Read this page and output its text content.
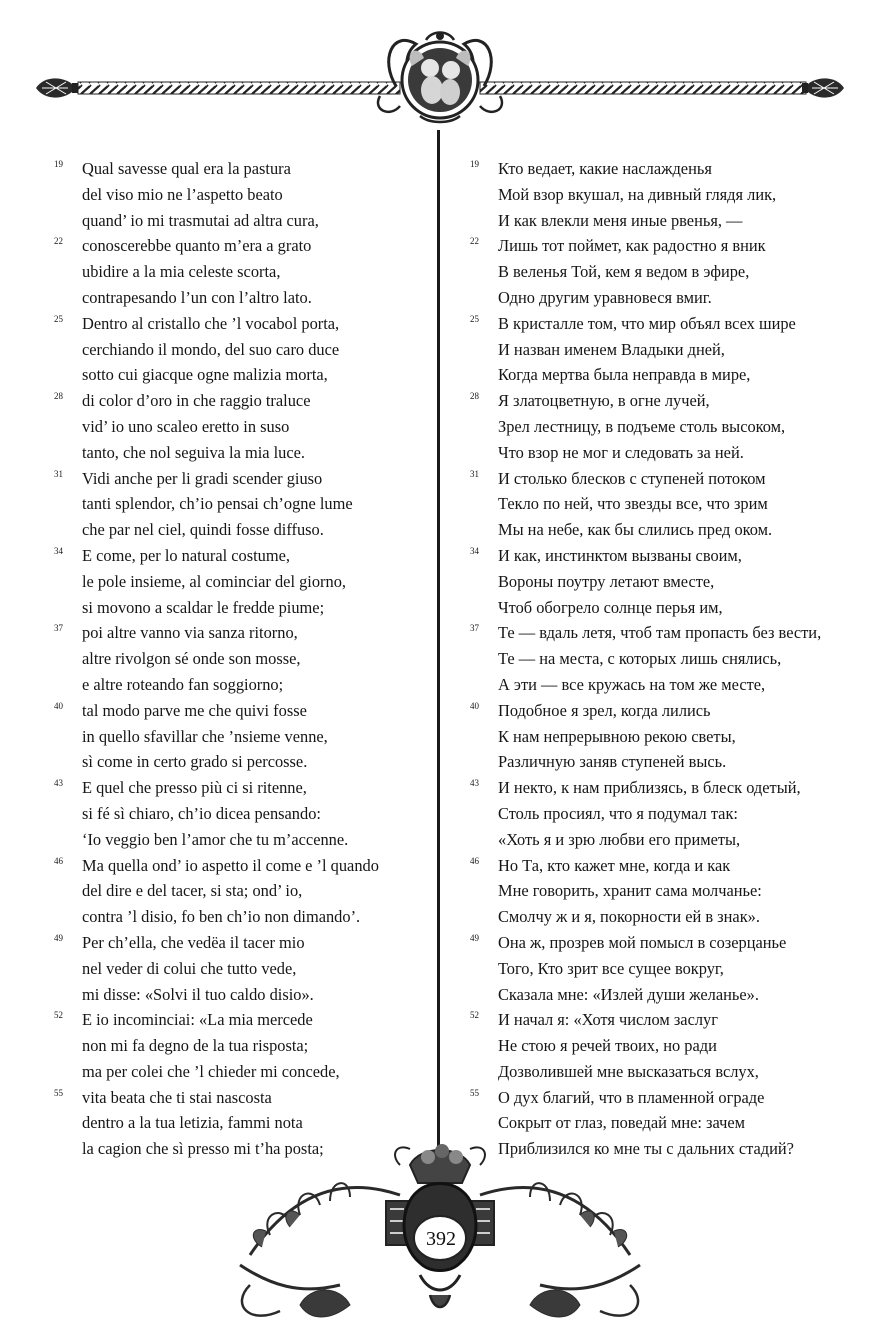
19	Qual savesse qual era la pastura
del viso mio ne l’aspetto beato
quand’ io mi trasmutai ad altra cura,
22	conoscerebbe quanto m’era a grato
ubidire a la mia celeste scorta,
contrapesando l’un con l’altro lato.
25	Dentro al cristallo che ’l vocabol porta,
cerchiando il mondo, del suo caro duce
sotto cui giacque ogne malizia morta,
28	di color d’oro in che raggio traluce
vid’ io uno scaleo eretto in suso
tanto, che nol seguiva la mia luce.
31	Vidi anche per li gradi scender giuso
tanti splendor, ch’io pensai ch’ogne lume
che par nel ciel, quindi fosse diffuso.
34	E come, per lo natural costume,
le pole insieme, al cominciar del giorno,
si movono a scaldar le fredde piume;
37	poi altre vanno via sanza ritorno,
altre rivolgon sé onde son mosse,
e altre roteando fan soggiorno;
40	tal modo parve me che quivi fosse
in quello sfavillar che ’nsieme venne,
sì come in certo grado si percosse.
43	E quel che presso più ci si ritenne,
si fé sì chiaro, ch’io dicea pensando:
‘Io veggio ben l’amor che tu m’accenne.
46	Ma quella ond’ io aspetto il come e ’l quando
del dire e del tacer, si sta; ond’ io,
contra ’l disio, fo ben ch’io non dimando’.
49	Per ch’ella, che vedëa il tacer mio
nel veder di colui che tutto vede,
mi disse: «Solvi il tuo caldo disio».
52	E io incominciai: «La mia mercede
non mi fa degno de la tua risposta;
ma per colei che ’l chieder mi concede,
55	vita beata che ti stai nascosta
dentro a la tua letizia, fammi nota
la cagion che sì presso mi t’ha posta;
19	Кто ведает, какие наслажденья
Мой взор вкушал, на дивный глядя лик,
И как влекли меня иные рвенья, —
22	Лишь тот поймет, как радостно я вник
В веленья Той, кем я ведом в эфире,
Одно другим уравновеся вмиг.
25	В кристалле том, что мир объял всех шире
И назван именем Владыки дней,
Когда мертва была неправда в мире,
28	Я златоцветную, в огне лучей,
Зрел лестницу, в подъеме столь высоком,
Что взор не мог и следовать за ней.
31	И столько блесков с ступеней потоком
Текло по ней, что звезды все, что зрим
Мы на небе, как бы слились пред оком.
34	И как, инстинктом вызваны своим,
Вороны поутру летают вместе,
Чтоб обогрело солнце перья им,
37	Те — вдаль летя, чтоб там пропасть без вести,
Те — на места, с которых лишь снялись,
А эти — все кружась на том же месте,
40	Подобное я зрел, когда лились
К нам непрерывною рекою светы,
Различную заняв ступеней высь.
43	И некто, к нам приблизясь, в блеск одетый,
Столь просиял, что я подумал так:
«Хоть я и зрю любви его приметы,
46	Но Та, кто кажет мне, когда и как
Мне говорить, хранит сама молчанье:
Смолчу ж и я, покорности ей в знак».
49	Она ж, прозрев мой помысл в созерцанье
Того, Кто зрит все сущее вокруг,
Сказала мне: «Излей души желанье».
52	И начал я: «Хотя числом заслуг
Не стою я речей твоих, но ради
Дозволившей мне высказаться вслух,
55	О дух благий, что в пламенной ограде
Сокрыт от глаз, поведай мне: зачем
Приблизился ко мне ты с дальних стадий?
392
